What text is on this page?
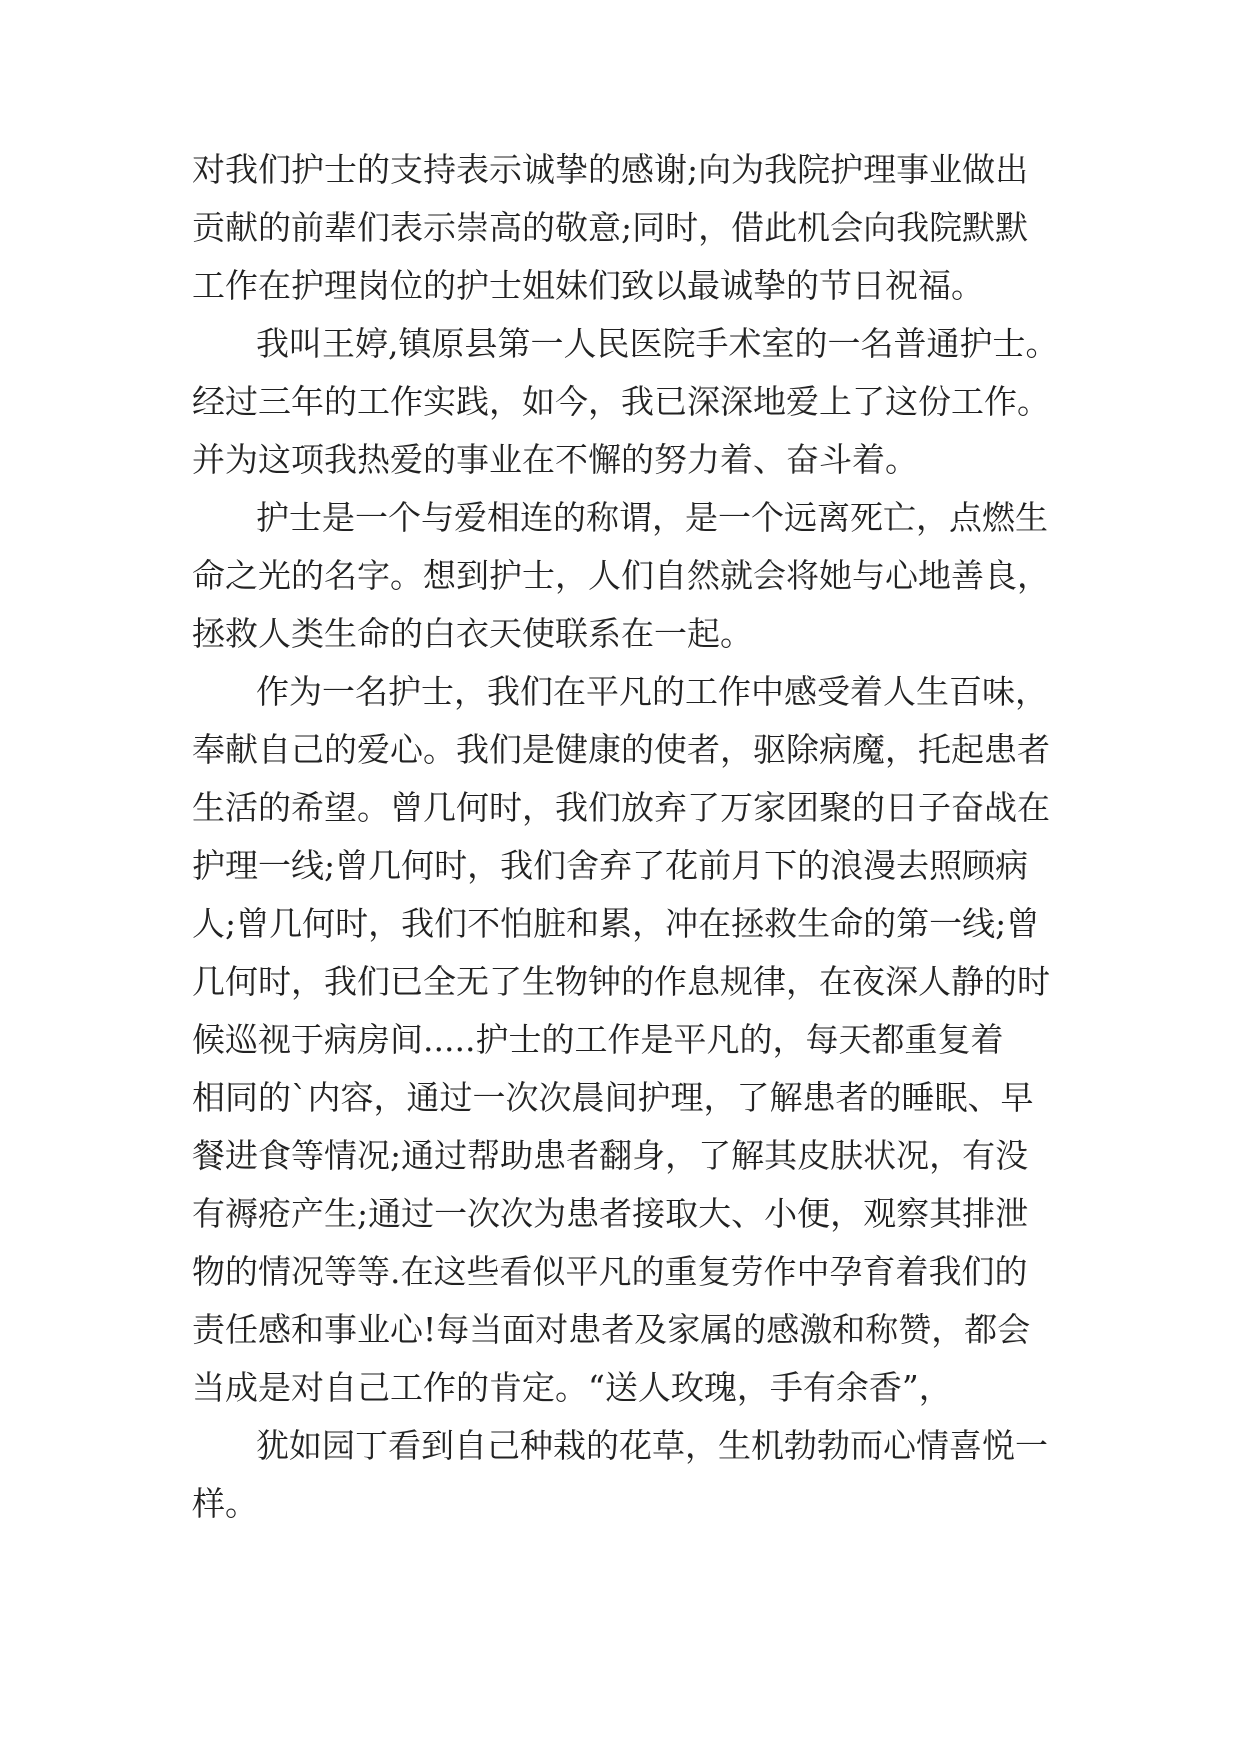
对我们护士的支持表示诚挚的感谢;向为我院护理事业做出
贡献的前辈们表示崇高的敬意;同时，借此机会向我院默默
工作在护理岗位的护士姐妹们致以最诚挚的节日祝福。
我叫王婷,镇原县第一人民医院手术室的一名普通护士。
经过三年的工作实践，如今，我已深深地爱上了这份工作。
并为这项我热爱的事业在不懈的努力着、奋斗着。
护士是一个与爱相连的称谓，是一个远离死亡，点燃生
命之光的名字。想到护士，人们自然就会将她与心地善良，
拯救人类生命的白衣天使联系在一起。
作为一名护士，我们在平凡的工作中感受着人生百味，
奉献自己的爱心。我们是健康的使者，驱除病魔，托起患者
生活的希望。曾几何时，我们放弃了万家团聚的日子奋战在
护理一线;曾几何时，我们舍弃了花前月下的浪漫去照顾病
人;曾几何时，我们不怕脏和累，冲在拯救生命的第一线;曾
几何时，我们已全无了生物钟的作息规律，在夜深人静的时
候巡视于病房间.....护士的工作是平凡的，每天都重复着
相同的`内容，通过一次次晨间护理，了解患者的睡眠、早
餐进食等情况;通过帮助患者翻身，了解其皮肤状况，有没
有褥疮产生;通过一次次为患者接取大、小便，观察其排泄
物的情况等等.在这些看似平凡的重复劳作中孕育着我们的
责任感和事业心!每当面对患者及家属的感激和称赞，都会
当成是对自己工作的肯定。“送人玫瑰，手有余香”，
犹如园丁看到自己种栽的花草，生机勃勃而心情喜悦一
样。
